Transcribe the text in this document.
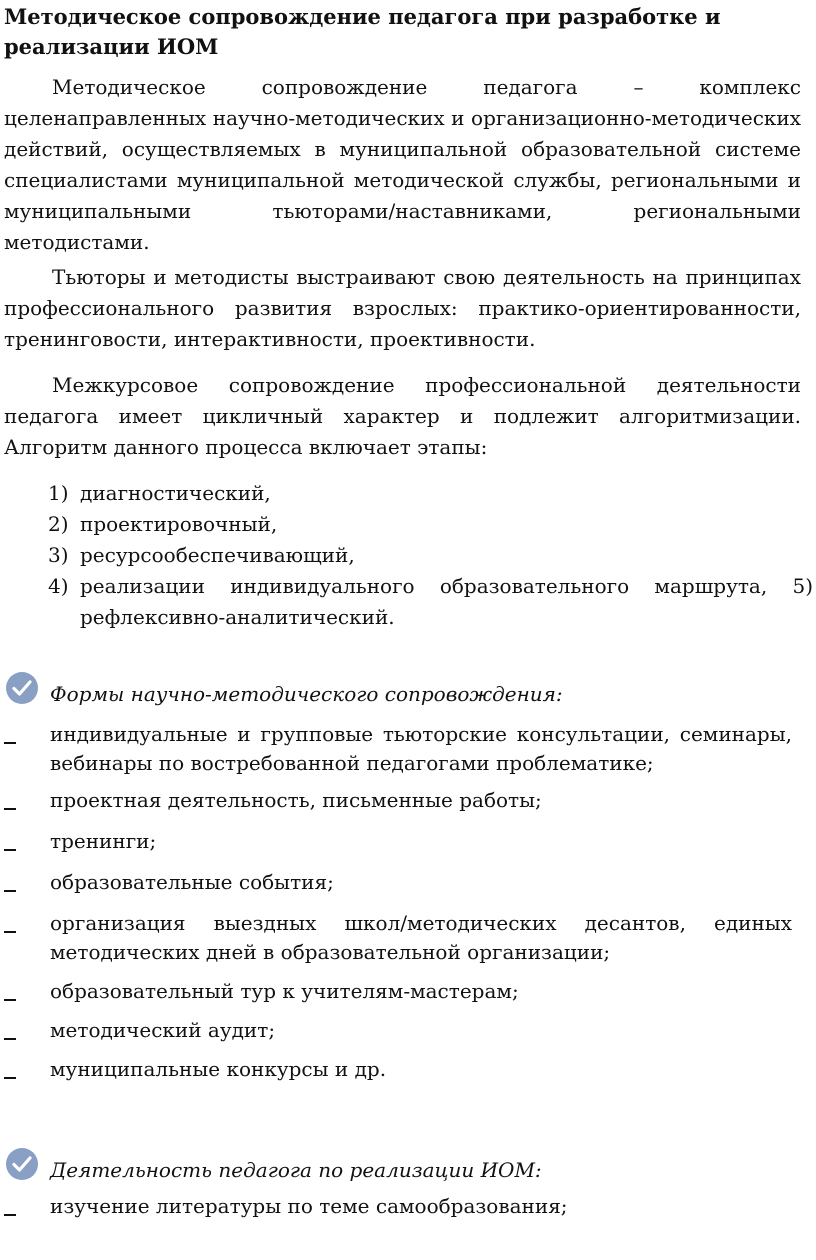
Методическое сопровождение педагога при разработке и реализации ИОМ
Методическое сопровождение педагога – комплекс целенаправленных научно-методических и организационно-методических действий, осуществляемых в муниципальной образовательной системе специалистами муниципальной методической службы, региональными и муниципальными тьюторами/наставниками, региональными методистами.
Тьюторы и методисты выстраивают свою деятельность на принципах профессионального развития взрослых: практико-ориентированности, тренинговости, интерактивности, проективности.
Межкурсовое сопровождение профессиональной деятельности педагога имеет цикличный характер и подлежит алгоритмизации. Алгоритм данного процесса включает этапы:
1) диагностический,
2) проектировочный,
3) ресурсообеспечивающий,
4) реализации индивидуального образовательного маршрута, 5) рефлексивно-аналитический.
Формы научно-методического сопровождения:
индивидуальные и групповые тьюторские консультации, семинары, вебинары по востребованной педагогами проблематике;
проектная деятельность, письменные работы;
тренинги;
образовательные события;
организация выездных школ/методических десантов, единых методических дней в образовательной организации;
образовательный тур к учителям-мастерам;
методический аудит;
муниципальные конкурсы и др.
Деятельность педагога по реализации ИОМ:
изучение литературы по теме самообразования;
